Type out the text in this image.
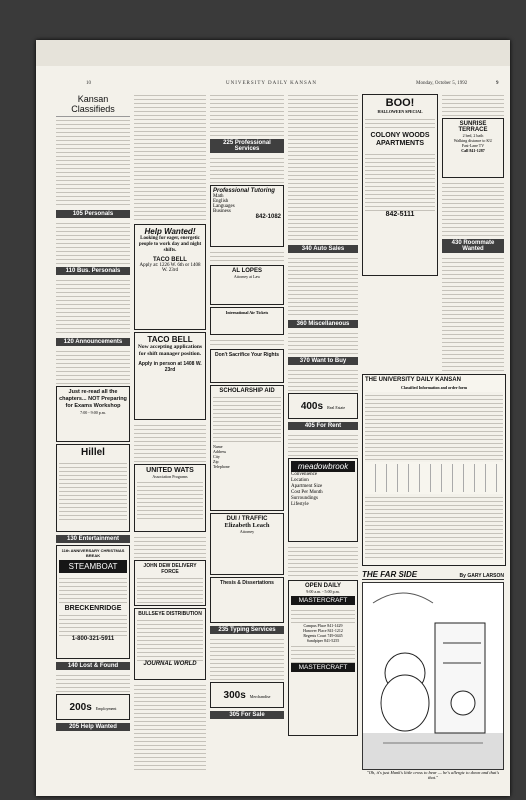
10	UNIVERSITY DAILY KANSAN	Monday, October 5, 1992	9
Kansan Classifieds
105 Personals
110 Bus. Personals
120 Announcements
Just re-read all the chapters... NOT Preparing for Exams Workshop
7:00 - 9:00 p.m.
Hillel
130 Entertainment
11th ANNIVERSARY CHRISTMAS BREAK
STEAMBOAT
BRECKENRIDGE
1-800-321-5911
140 Lost & Found
200s Employment
205 Help Wanted
Help Wanted!
Looking for eager, energetic people to work day and night shifts.
TACO BELL
Apply at: 1226 W. 6th or 1408 W. 23rd
TACO BELL
Now accepting applications for shift manager position.
Apply in person at 1408 W. 23rd
UNITED WATS
Association Programs
JOHN DEW DELIVERY FORCE
BULLSEYE DISTRIBUTION
JOURNAL WORLD
225 Professional Services
Professional Tutoring
Math
English
Languages
Business
842-1082
AL LOPES
Attorney at Law
International Air Tickets
Don't Sacrifice Your Rights
SCHOLARSHIP AID
Name
Address
City
Zip
Telephone
DUI / TRAFFIC
Elizabeth Leach
Attorney
Thesis & Dissertations
235 Typing Services
300s Merchandise
305 For Sale
340 Auto Sales
360 Miscellaneous
370 Want to Buy
400s Real Estate
405 For Rent
meadowbrook
Convenience
Location
Apartment Size
Cost Per Month
Surroundings
Lifestyle
OPEN DAILY
9:00 a.m. - 5:00 p.m.
MASTERCRAFT
Campus Place 841-1429
Hanover Place 841-1212
Regents Court 749-0445
Sandpiper 841-5255
MASTERCRAFT
BOO!
HALLOWEEN SPECIAL
COLONY WOODS APARTMENTS
842-5111
SUNRISE TERRACE
2 bed, 2 bath
Walking distance to KU
Fast-Lane TV
Call 841-1287
430 Roommate Wanted
THE UNIVERSITY DAILY KANSAN
Classified Information and order form
THE FAR SIDE	By GARY LARSON
"Oh, it's just Hank's little cross to bear — he's allergic to down and that's that."
